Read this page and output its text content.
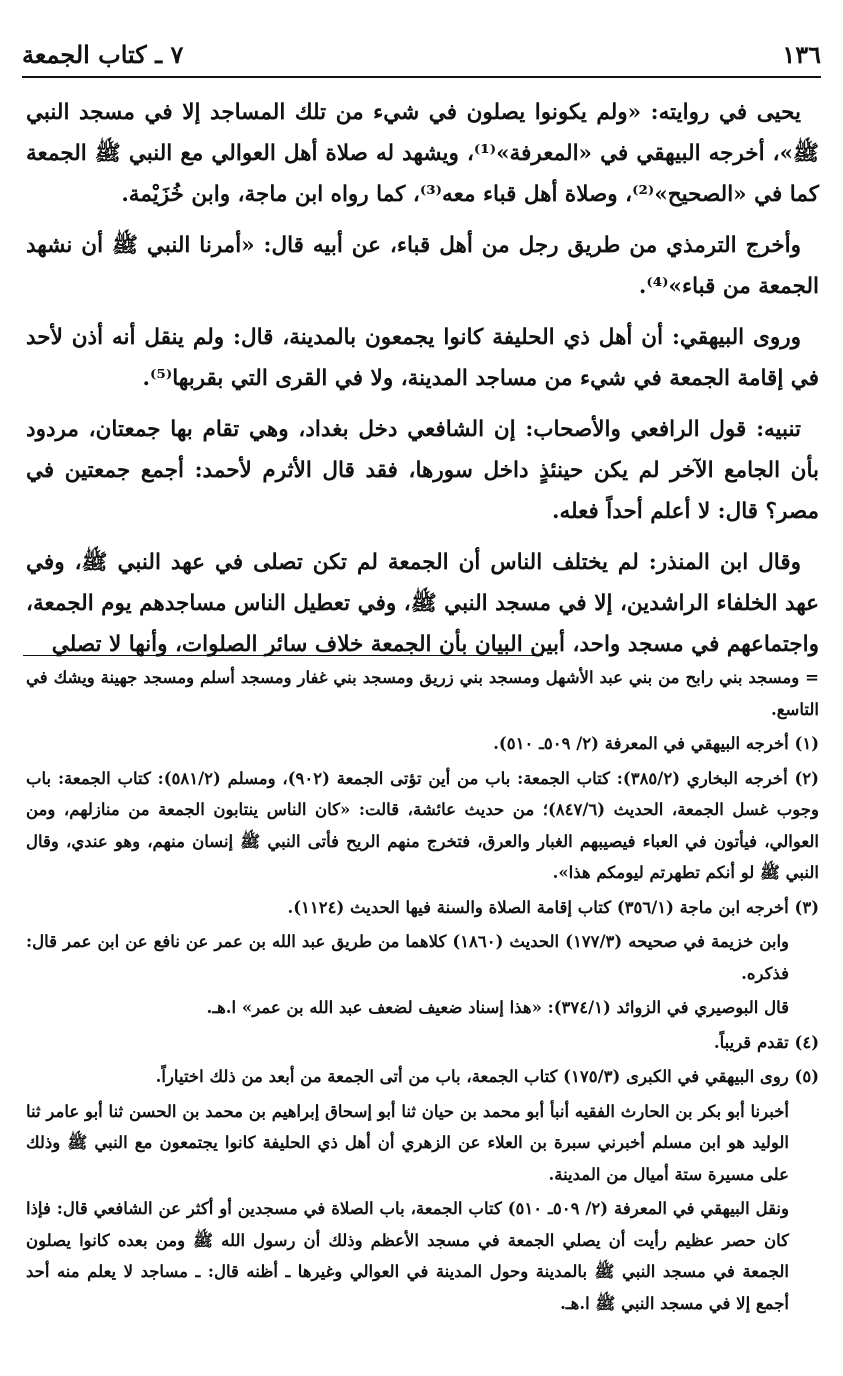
١٣٦
٧ ـ كتاب الجمعة

يحيى في روايته: «ولم يكونوا يصلون في شيء من تلك المساجد إلا في مسجد النبي ﷺ»، أخرجه البيهقي في «المعرفة»⁽¹⁾، ويشهد له صلاة أهل العوالي مع النبي ﷺ الجمعة كما في «الصحيح»⁽²⁾، وصلاة أهل قباء معه⁽³⁾، كما رواه ابن ماجة، وابن خُزَيْمة.

وأخرج الترمذي من طريق رجل من أهل قباء، عن أبيه قال: «أمرنا النبي ﷺ أن نشهد الجمعة من قباء»⁽⁴⁾.

وروى البيهقي: أن أهل ذي الحليفة كانوا يجمعون بالمدينة، قال: ولم ينقل أنه أذن لأحد في إقامة الجمعة في شيء من مساجد المدينة، ولا في القرى التي بقربها⁽⁵⁾.

تنبيه: قول الرافعي والأصحاب: إن الشافعي دخل بغداد، وهي تقام بها جمعتان، مردود بأن الجامع الآخر لم يكن حينئذٍ داخل سورها، فقد قال الأثرم لأحمد: أجمع جمعتين في مصر؟ قال: لا أعلم أحداً فعله.

وقال ابن المنذر: لم يختلف الناس أن الجمعة لم تكن تصلى في عهد النبي ﷺ، وفي عهد الخلفاء الراشدين، إلا في مسجد النبي ﷺ، وفي تعطيل الناس مساجدهم يوم الجمعة، واجتماعهم في مسجد واحد، أبين البيان بأن الجمعة خلاف سائر الصلوات، وأنها لا تصلي

= ومسجد بني رابح من بني عبد الأشهل ومسجد بني زريق ومسجد بني غفار ومسجد أسلم ومسجد جهينة ويشك في التاسع.

(١) أخرجه البيهقي في المعرفة (٢/ ٥٠٩ـ ٥١٠).

(٢) أخرجه البخاري (٣٨٥/٢): كتاب الجمعة: باب من أين تؤتى الجمعة (٩٠٢)، ومسلم (٥٨١/٢): كتاب الجمعة: باب وجوب غسل الجمعة، الحديث (٨٤٧/٦)؛ من حديث عائشة، قالت: «كان الناس ينتابون الجمعة من منازلهم، ومن العوالي، فيأتون في العباء فيصيبهم الغبار والعرق، فتخرج منهم الريح فأتى النبي ﷺ إنسان منهم، وهو عندي، وقال النبي ﷺ لو أنكم تطهرتم ليومكم هذا».

(٣) أخرجه ابن ماجة (٣٥٦/١) كتاب إقامة الصلاة والسنة فيها الحديث (١١٢٤).

وابن خزيمة في صحيحه (١٧٧/٣) الحديث (١٨٦٠) كلاهما من طريق عبد الله بن عمر عن نافع عن ابن عمر قال: فذكره.

قال البوصيري في الزوائد (٣٧٤/١): «هذا إسناد ضعيف لضعف عبد الله بن عمر» ا.هـ.

(٤) تقدم قريباً.

(٥) روى البيهقي في الكبرى (١٧٥/٣) كتاب الجمعة، باب من أتى الجمعة من أبعد من ذلك اختياراً.

أخبرنا أبو بكر بن الحارث الفقيه أنبأ أبو محمد بن حيان ثنا أبو إسحاق إبراهيم بن محمد بن الحسن ثنا أبو عامر ثنا الوليد هو ابن مسلم أخبرني سبرة بن العلاء عن الزهري أن أهل ذي الحليفة كانوا يجتمعون مع النبي ﷺ وذلك على مسيرة ستة أميال من المدينة.

ونقل البيهقي في المعرفة (٢/ ٥٠٩ـ ٥١٠) كتاب الجمعة، باب الصلاة في مسجدين أو أكثر عن الشافعي قال: فإذا كان حصر عظيم رأيت أن يصلي الجمعة في مسجد الأعظم وذلك أن رسول الله ﷺ ومن بعده كانوا يصلون الجمعة في مسجد النبي ﷺ بالمدينة وحول المدينة في العوالي وغيرها ـ أظنه قال: ـ مساجد لا يعلم منه أحد أجمع إلا في مسجد النبي ﷺ ا.هـ.
